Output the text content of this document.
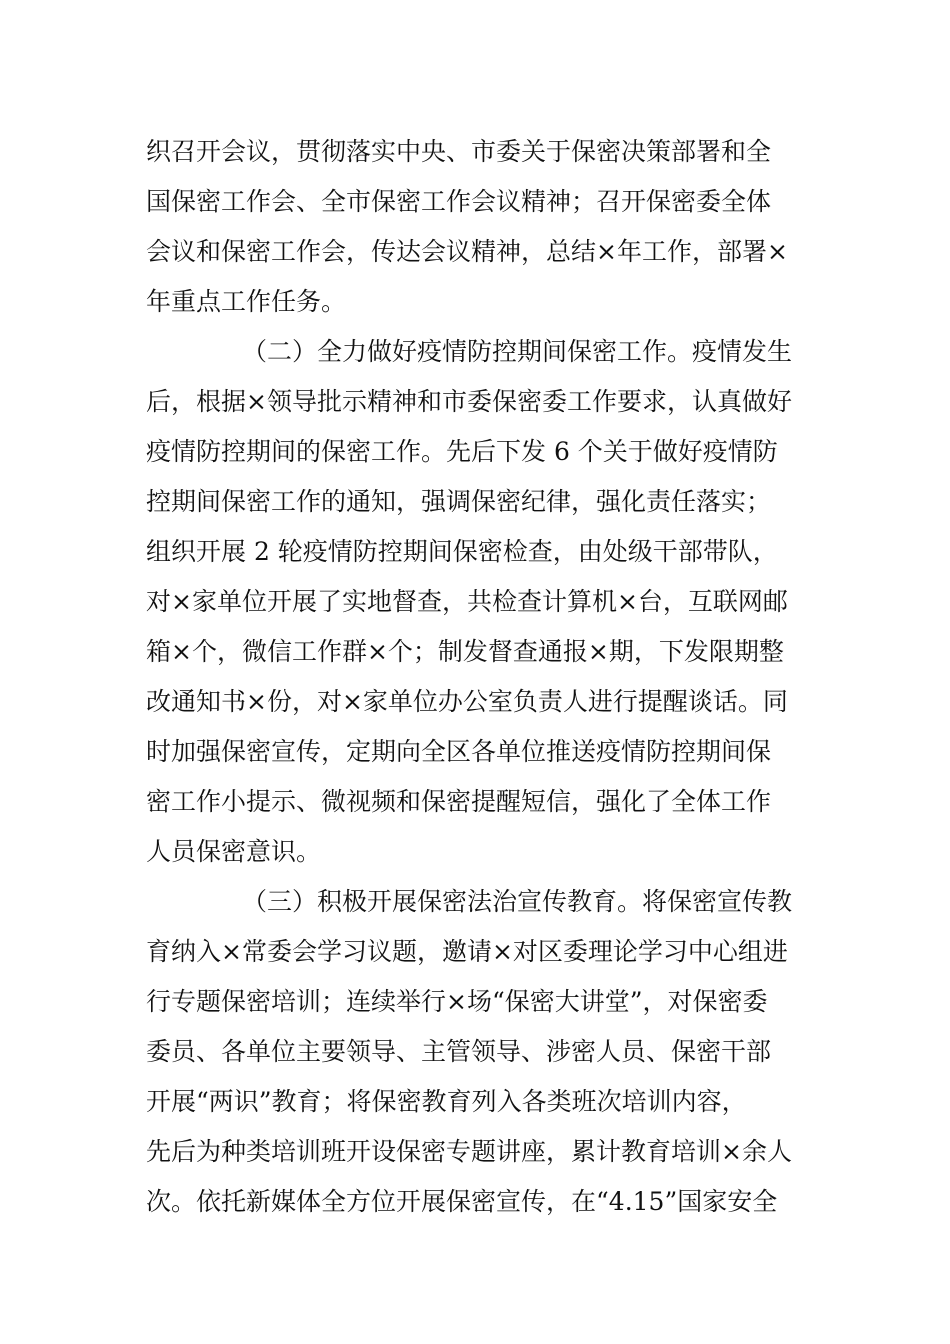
织召开会议，贯彻落实中央、市委关于保密决策部署和全
国保密工作会、全市保密工作会议精神；召开保密委全体
会议和保密工作会，传达会议精神，总结×年工作，部署×
年重点工作任务。
（二）全力做好疫情防控期间保密工作。疫情发生
后，根据×领导批示精神和市委保密委工作要求，认真做好
疫情防控期间的保密工作。先后下发 6 个关于做好疫情防
控期间保密工作的通知，强调保密纪律，强化责任落实；
组织开展 2 轮疫情防控期间保密检查，由处级干部带队，
对×家单位开展了实地督查，共检查计算机×台，互联网邮
箱×个，微信工作群×个；制发督查通报×期，下发限期整
改通知书×份，对×家单位办公室负责人进行提醒谈话。同
时加强保密宣传，定期向全区各单位推送疫情防控期间保
密工作小提示、微视频和保密提醒短信，强化了全体工作
人员保密意识。
（三）积极开展保密法治宣传教育。将保密宣传教
育纳入×常委会学习议题，邀请×对区委理论学习中心组进
行专题保密培训；连续举行×场“保密大讲堂”，对保密委
委员、各单位主要领导、主管领导、涉密人员、保密干部
开展“两识”教育；将保密教育列入各类班次培训内容，
先后为种类培训班开设保密专题讲座，累计教育培训×余人
次。依托新媒体全方位开展保密宣传，在“4.15”国家安全
